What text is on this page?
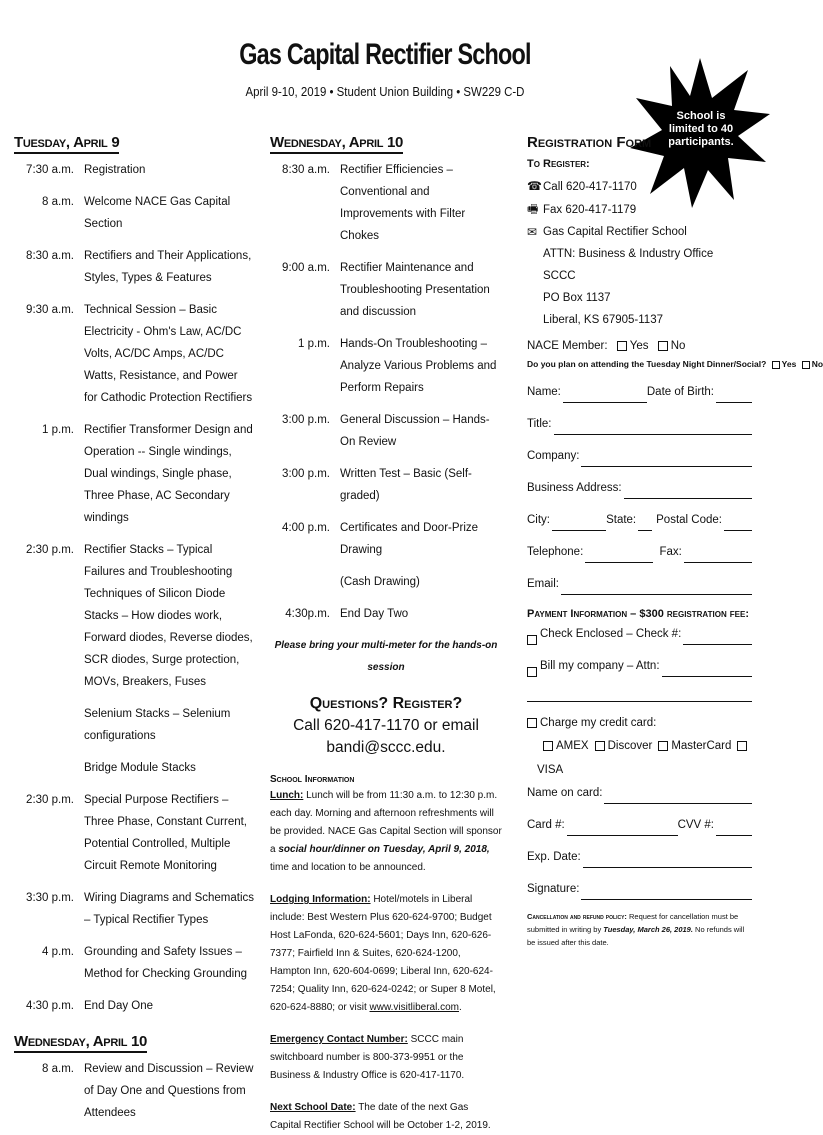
Gas Capital Rectifier School
April 9-10, 2019 • Student Union Building • SW229 C-D
School is limited to 40 participants.
Tuesday, April 9
7:30 a.m. Registration
8 a.m. Welcome NACE Gas Capital Section
8:30 a.m. Rectifiers and Their Applications, Styles, Types & Features
9:30 a.m. Technical Session – Basic Electricity - Ohm's Law, AC/DC Volts, AC/DC Amps, AC/DC Watts, Resistance, and Power for Cathodic Protection Rectifiers
1 p.m. Rectifier Transformer Design and Operation -- Single windings, Dual windings, Single phase, Three Phase, AC Secondary windings
2:30 p.m. Rectifier Stacks – Typical Failures and Troubleshooting Techniques of Silicon Diode Stacks – How diodes work, Forward diodes, Reverse diodes, SCR diodes, Surge protection, MOVs, Breakers, Fuses
Selenium Stacks – Selenium configurations
Bridge Module Stacks
2:30 p.m. Special Purpose Rectifiers – Three Phase, Constant Current, Potential Controlled, Multiple Circuit Remote Monitoring
3:30 p.m. Wiring Diagrams and Schematics – Typical Rectifier Types
4 p.m. Grounding and Safety Issues – Method for Checking Grounding
4:30 p.m. End Day One
Wednesday, April 10
8 a.m. Review and Discussion – Review of Day One and Questions from Attendees
Wednesday, April 10
8:30 a.m. Rectifier Efficiencies – Conventional and Improvements with Filter Chokes
9:00 a.m. Rectifier Maintenance and Troubleshooting Presentation and discussion
1 p.m. Hands-On Troubleshooting – Analyze Various Problems and Perform Repairs
3:00 p.m. General Discussion – Hands-On Review
3:00 p.m. Written Test – Basic (Self-graded)
4:00 p.m. Certificates and Door-Prize Drawing
(Cash Drawing)
4:30p.m. End Day Two
Please bring your multi-meter for the hands-on session
Questions? Register?
Call 620-417-1170 or email bandi@sccc.edu.
School Information
Lunch: Lunch will be from 11:30 a.m. to 12:30 p.m. each day. Morning and afternoon refreshments will be provided. NACE Gas Capital Section will sponsor a social hour/dinner on Tuesday, April 9, 2018, time and location to be announced.
Lodging Information: Hotel/motels in Liberal include: Best Western Plus 620-624-9700; Budget Host LaFonda, 620-624-5601; Days Inn, 620-626-7377; Fairfield Inn & Suites, 620-624-1200, Hampton Inn, 620-604-0699; Liberal Inn, 620-624-7254; Quality Inn, 620-624-0242; or Super 8 Motel, 620-624-8880; or visit www.visitliberal.com.
Emergency Contact Number: SCCC main switchboard number is 800-373-9951 or the Business & Industry Office is 620-417-1170.
Next School Date: The date of the next Gas Capital Rectifier School will be October 1-2, 2019.
Registration Form
To Register:
☎Call 620-417-1170
🖷 Fax 620-417-1179
✉ Gas Capital Rectifier School
ATTN: Business & Industry Office
SCCC
PO Box 1137
Liberal, KS 67905-1137
NACE Member: Yes No
Do you plan on attending the Tuesday Night Dinner/Social? Yes No
Name:	Date of Birth:
Title:
Company:
Business Address:
City:	State: Postal Code:
Telephone:	Fax:
Email:
Payment Information – $300 registration fee:
Check Enclosed – Check #:
Bill my company – Attn:
Charge my credit card:
AMEX Discover MasterCardVISA
Name on card:
Card #:	CVV #:
Exp. Date:
Signature:
Cancellation and refund policy: Request for cancellation must be submitted in writing by Tuesday, March 26, 2019. No refunds will be issued after this date.
